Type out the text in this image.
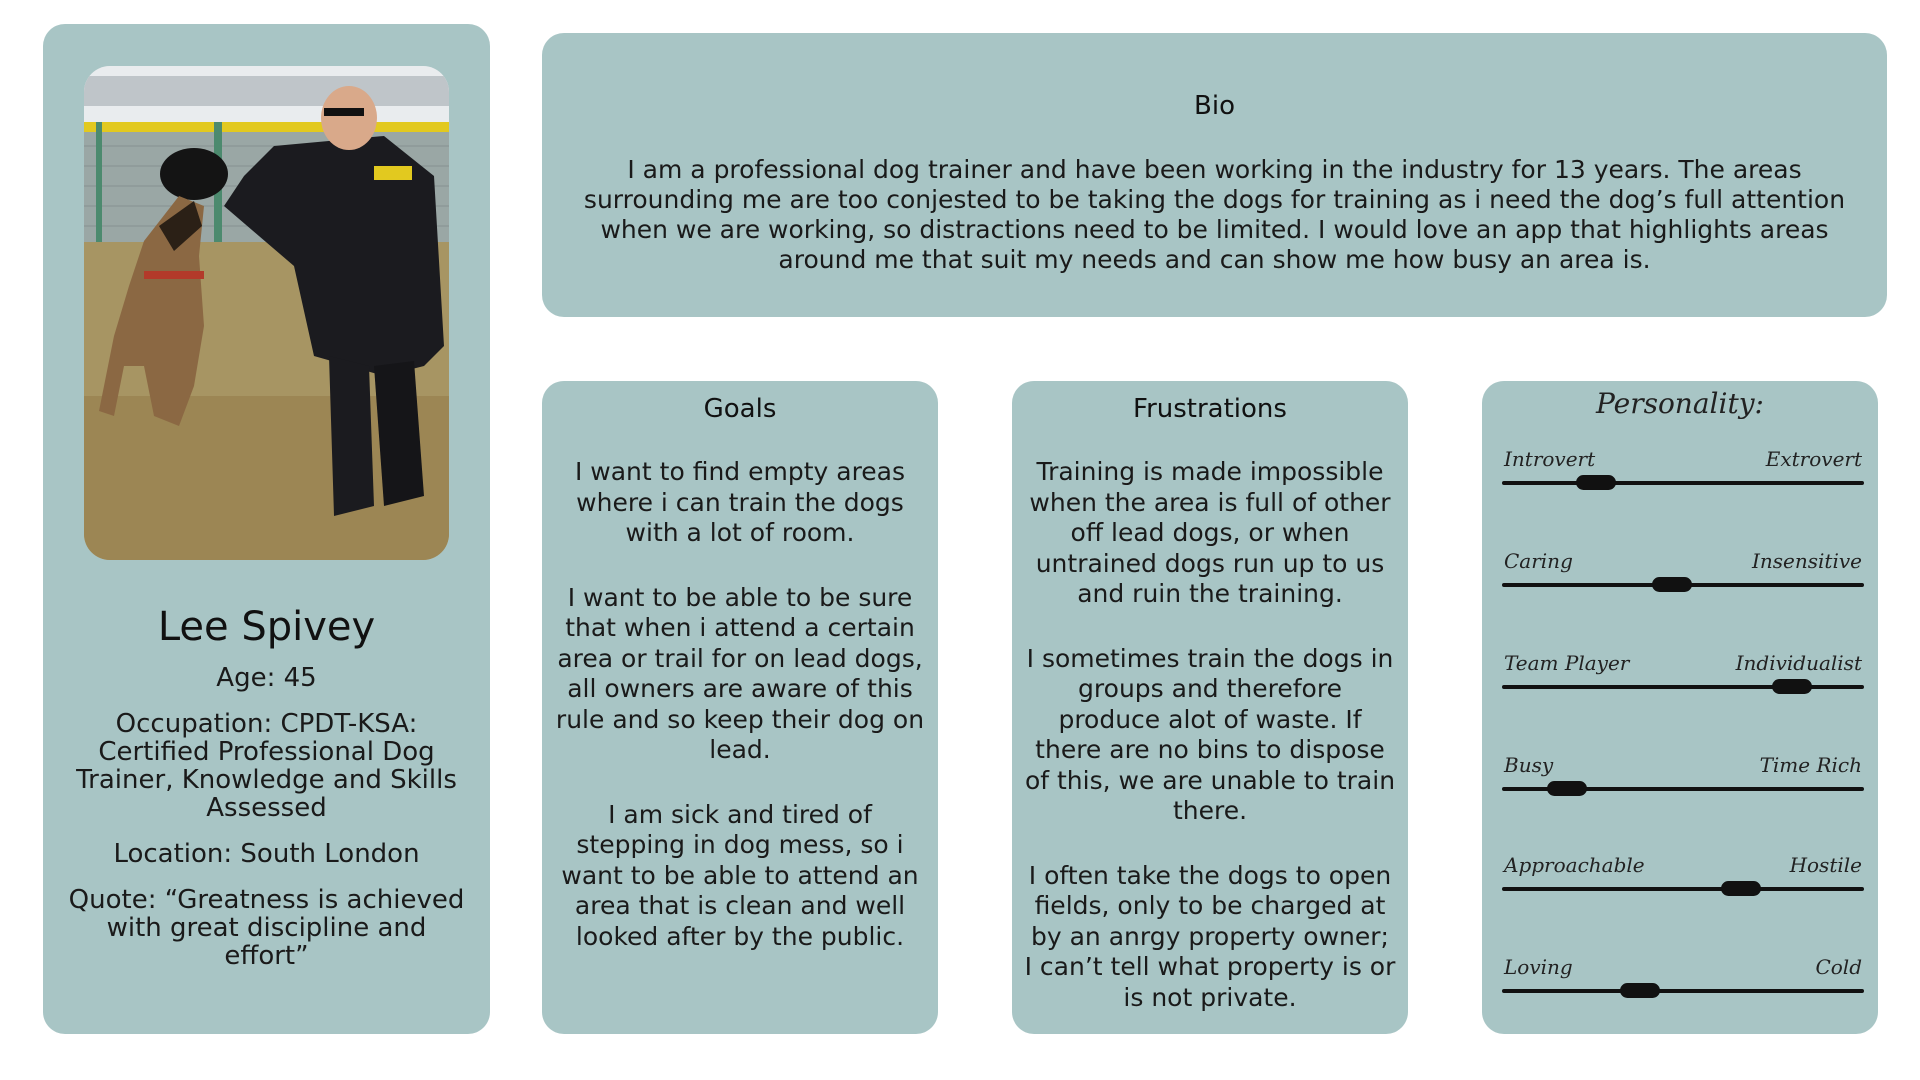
Lee Spivey

Age: 45

Occupation: CPDT-KSA: Certified Professional Dog Trainer, Knowledge and Skills Assessed

Location: South London

Quote: “Greatness is achieved with great discipline and effort”

Bio
I am a professional dog trainer and have been working in the industry for 13 years. The areas surrounding me are too conjested to be taking the dogs for training as i need the dog’s full attention when we are working, so distractions need to be limited. I would love an app that highlights areas around me that suit my needs and can show me how busy an area is.
Goals

I want to find empty areas where i can train the dogs with a lot of room.

I want to be able to be sure that when i attend a certain area or trail for on lead dogs, all owners are aware of this rule and so keep their dog on lead.

I am sick and tired of stepping in dog mess, so i want to be able to attend an area that is clean and well looked after by the public.

Frustrations

Training is made impossible when the area is full of other off lead dogs, or when untrained dogs run up to us and ruin the training.

I sometimes train the dogs in groups and therefore produce alot of waste. If there are no bins to dispose of this, we are unable to train there.

I often take the dogs to open fields, only to be charged at by an anrgy property owner; I can’t tell what property is or is not private.

Personality:
Introvert	Extrovert
Caring	Insensitive
Team Player	Individualist
Busy	Time Rich
Approachable	Hostile
Loving	Cold
